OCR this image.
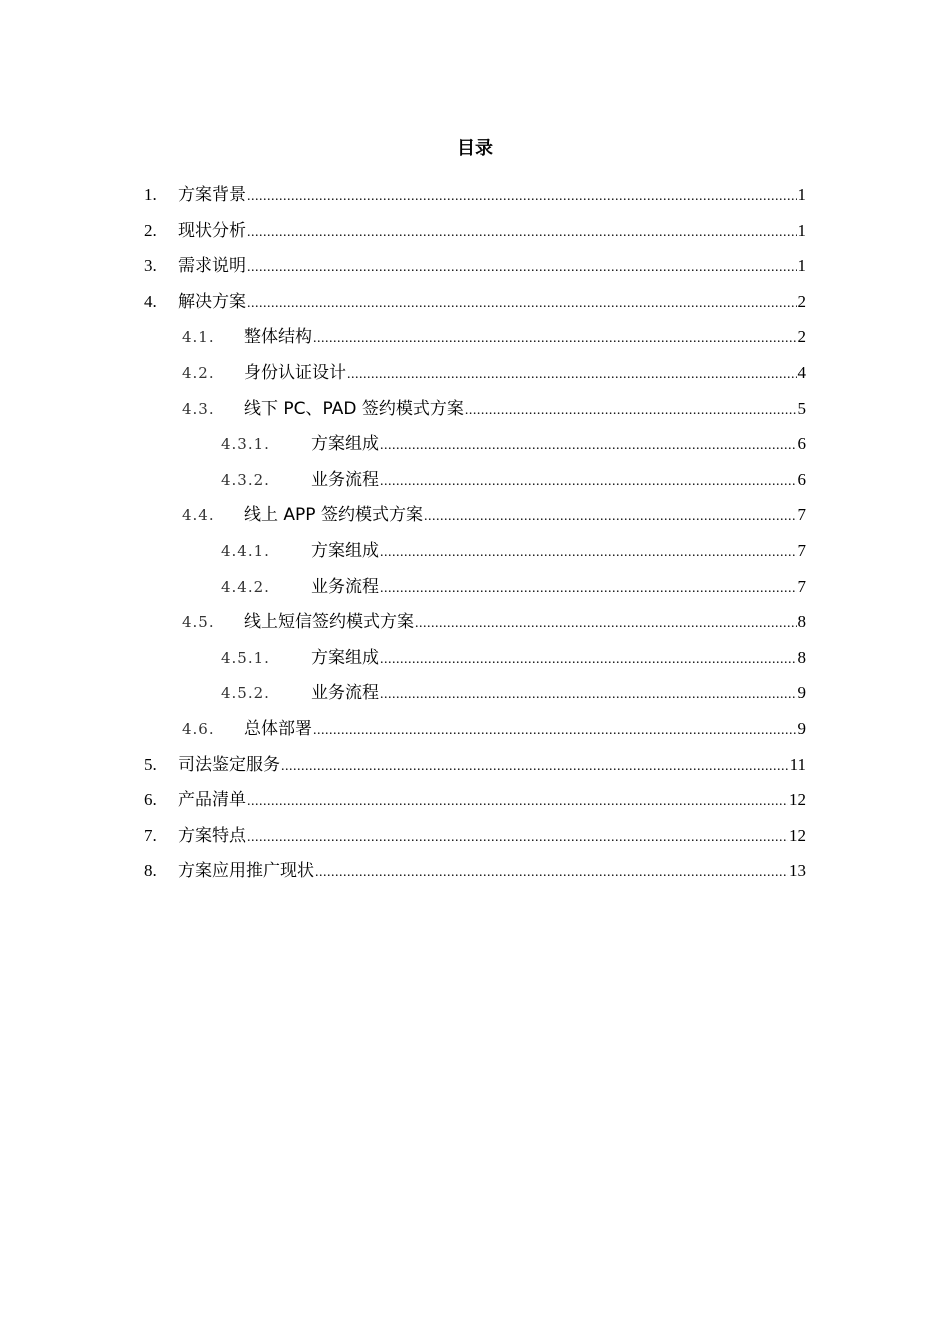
目录
1.	方案背景 .....	1
2.	现状分析 .....	1
3.	需求说明 .....	1
4.	解决方案 .....	2
4.1.	整体结构 .....	2
4.2.	身份认证设计 .....	4
4.3.	线下 PC、PAD 签约模式方案 .....	5
4.3.1.	方案组成 .....	6
4.3.2.	业务流程 .....	6
4.4.	线上 APP 签约模式方案 .....	7
4.4.1.	方案组成 .....	7
4.4.2.	业务流程 .....	7
4.5.	线上短信签约模式方案 .....	8
4.5.1.	方案组成 .....	8
4.5.2.	业务流程 .....	9
4.6.	总体部署 .....	9
5.	司法鉴定服务 .....	11
6.	产品清单 .....	12
7.	方案特点 .....	12
8.	方案应用推广现状 .....	13
